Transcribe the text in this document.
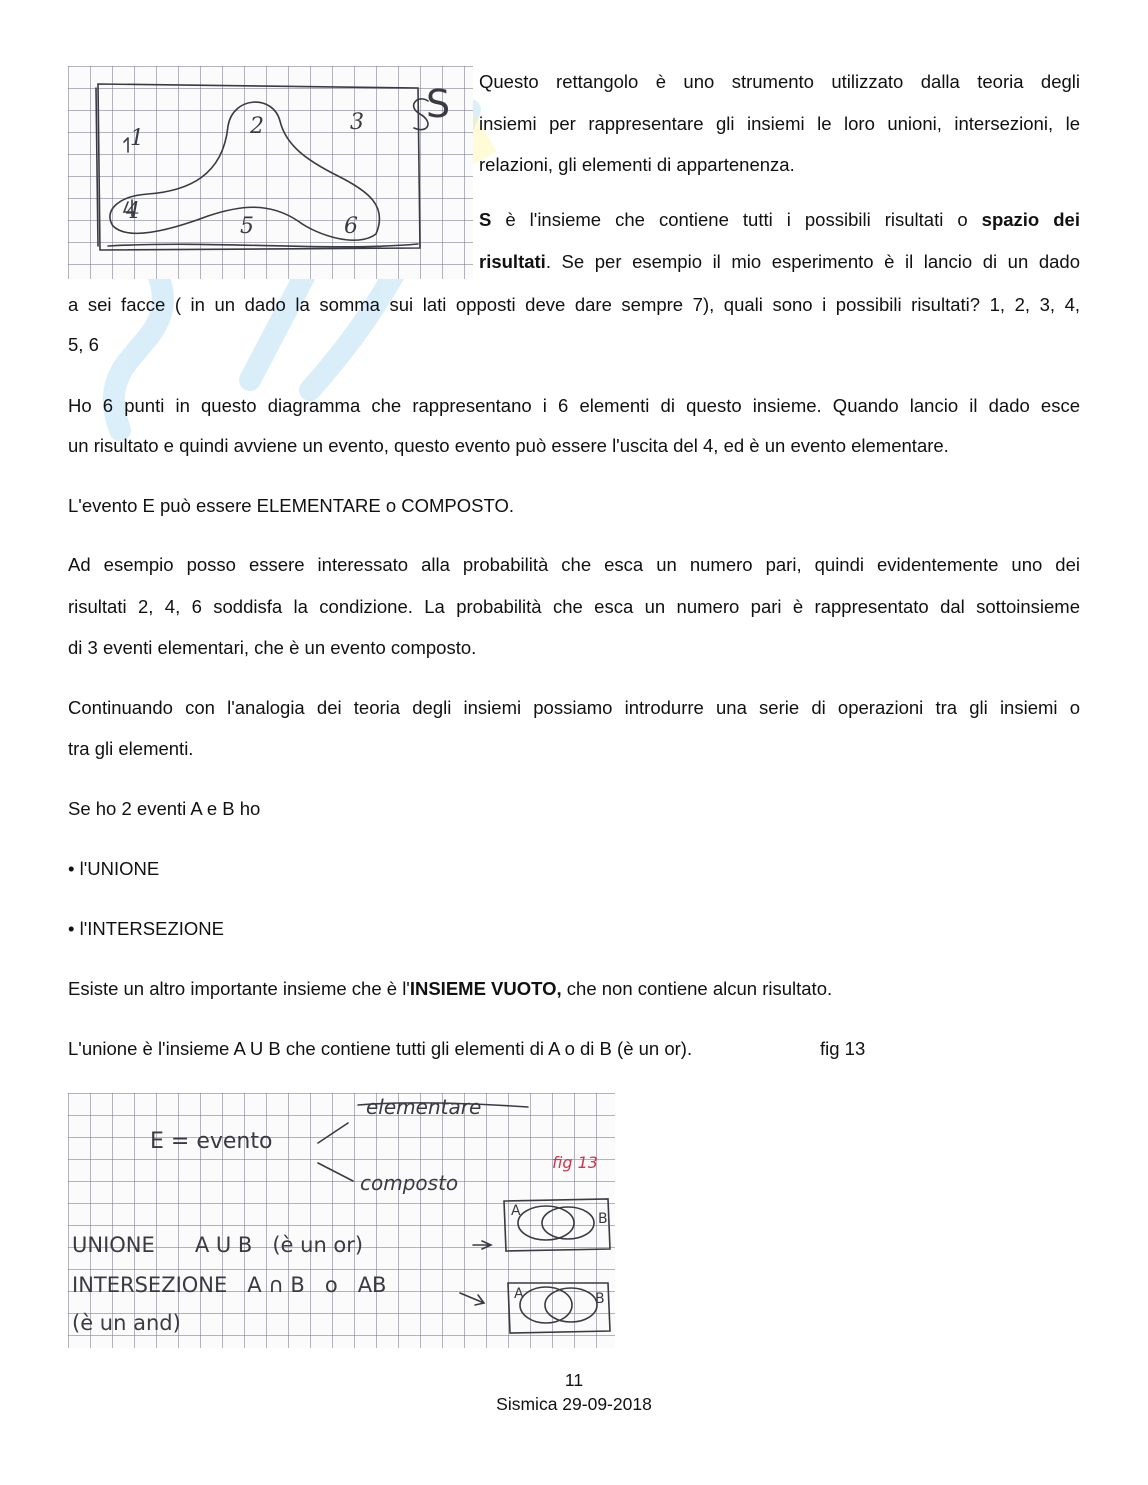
S
1	2	3
4
5	6
Questo rettangolo è uno strumento utilizzato dalla teoria degli
insiemi per rappresentare gli insiemi le loro unioni, intersezioni, le
relazioni, gli elementi di appartenenza.
S è l'insieme che contiene tutti i possibili risultati o spazio dei
risultati. Se per esempio il mio esperimento è il lancio di un dado
a sei facce ( in un dado la somma sui lati opposti deve dare sempre 7), quali sono i possibili risultati? 1, 2, 3, 4,
5, 6
Ho 6 punti in questo diagramma che rappresentano i 6 elementi di questo insieme. Quando lancio il dado esce
un risultato e quindi avviene un evento, questo evento può essere l'uscita del 4, ed è un evento elementare.
L'evento E può essere ELEMENTARE o COMPOSTO.
Ad esempio posso essere interessato alla probabilità che esca un numero pari, quindi evidentemente uno dei
risultati 2, 4, 6 soddisfa la condizione. La probabilità che esca un numero pari è rappresentato dal sottoinsieme
di 3 eventi elementari, che è un evento composto.
Continuando con l'analogia dei teoria degli insiemi possiamo introdurre una serie di operazioni tra gli insiemi o
tra gli elementi.
Se ho 2 eventi A e B ho
• l'UNIONE
• l'INTERSEZIONE
Esiste un altro importante insieme che è l'INSIEME VUOTO, che non contiene alcun risultato.
L'unione è l'insieme A U B che contiene tutti gli elementi di A o di B (è un or).	fig 13
E = evento
elementare
composto
fig 13
UNIONE      A U B   (è un or)
INTERSEZIONE   A ∩ B   o   AB
(è un and)
A	B
A	B
11
Sismica 29-09-2018
